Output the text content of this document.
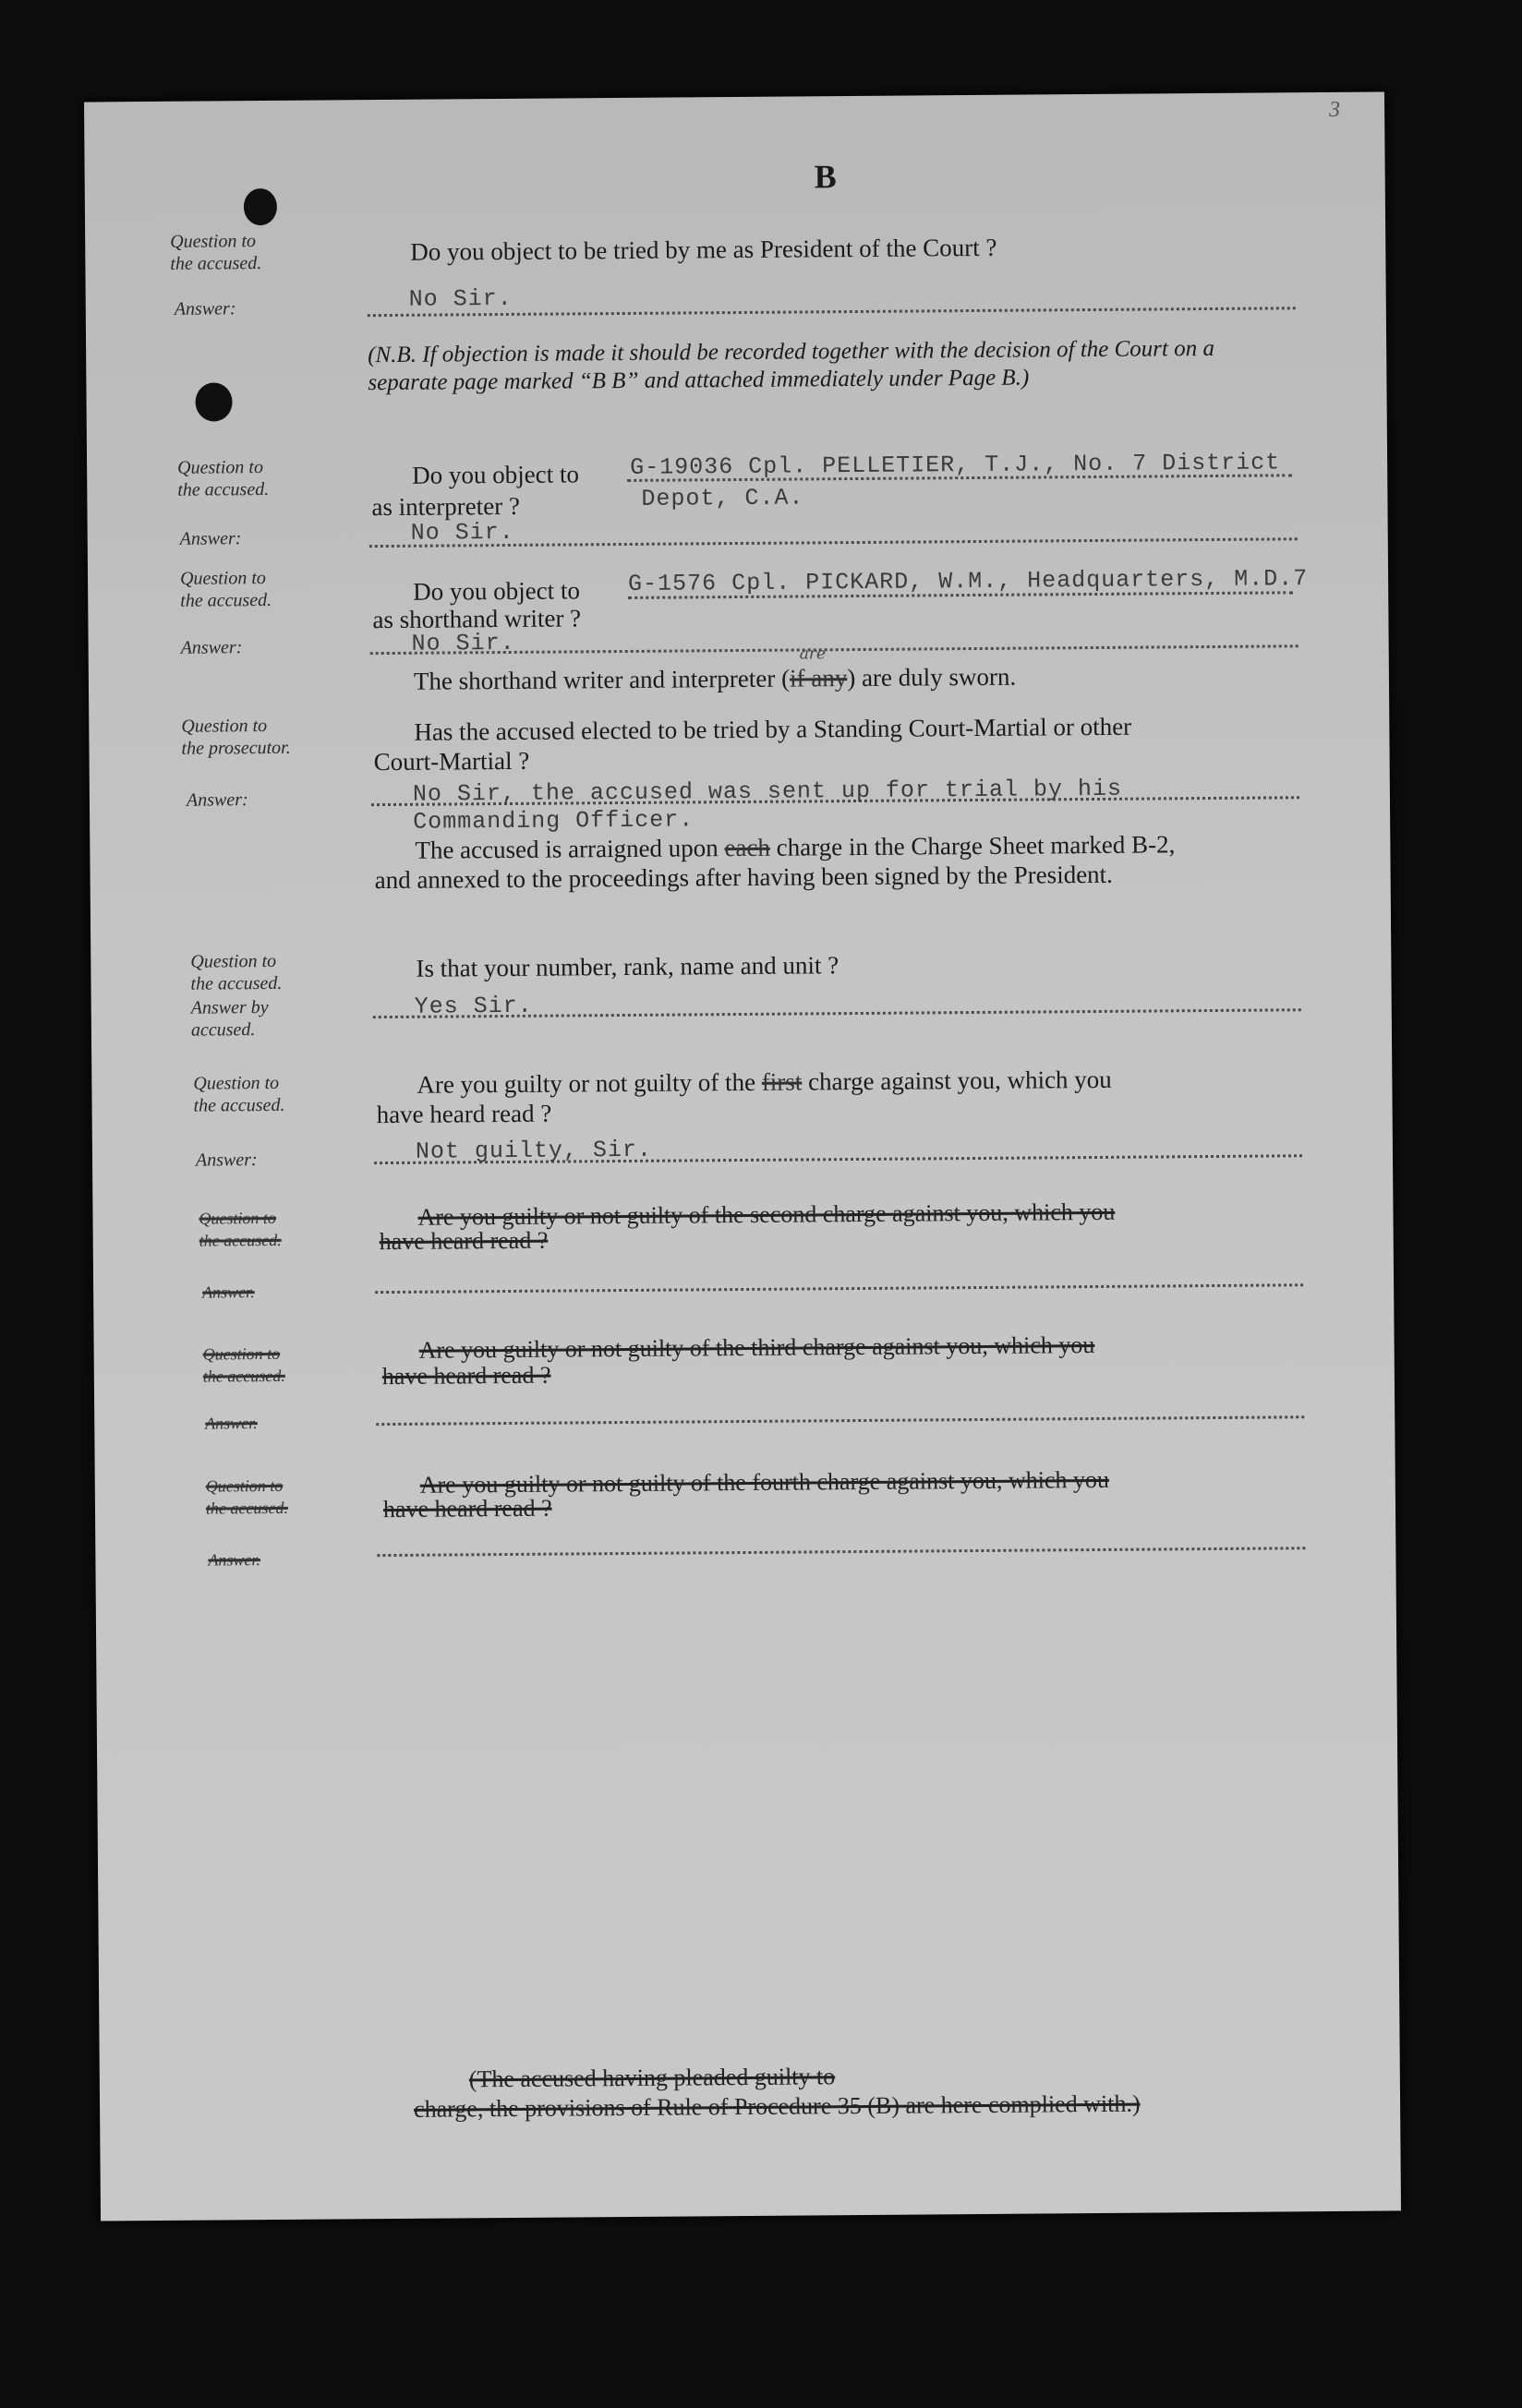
3
B
Question to
the accused.	Do you object to be tried by me as President of the Court ?
Answer:	No Sir.
(N.B. If objection is made it should be recorded together with the decision of the Court on a separate page marked “B B” and attached immediately under Page B.)
Question to
the accused.
Do you object to G-19036 Cpl. PELLETIER, T.J., No. 7 District
as interpreter ?	Depot, C.A.
Answer:	No Sir.
Question to
the accused.	Do you object to G-1576 Cpl. PICKARD, W.M., Headquarters, M.D.7
as shorthand writer ?
Answer:	No Sir.
The shorthand writer and interpreter (if any) are duly sworn.
are
Question to
the prosecutor.
Has the accused elected to be tried by a Standing Court-Martial or other
Court-Martial ?
Answer:	No Sir, the accused was sent up for trial by his
Commanding Officer.
The accused is arraigned upon each charge in the Charge Sheet marked B-2,
and annexed to the proceedings after having been signed by the President.
Question to
the accused.
Is that your number, rank, name and unit ?
Answer by
accused.
Yes Sir.
Question to
the accused.
Are you guilty or not guilty of the first charge against you, which you
have heard read ?
Answer:	Not guilty, Sir.
Question to
the accused.
Are you guilty or not guilty of the second charge against you, which you
have heard read ?
Answer.
Question to
the accused.
Are you guilty or not guilty of the third charge against you, which you
have heard read ?
Answer.
Question to
the accused.
Are you guilty or not guilty of the fourth charge against you, which you
have heard read ?
Answer.
(The accused having pleaded guilty to
charge, the provisions of Rule of Procedure 35 (B) are here complied with.)
